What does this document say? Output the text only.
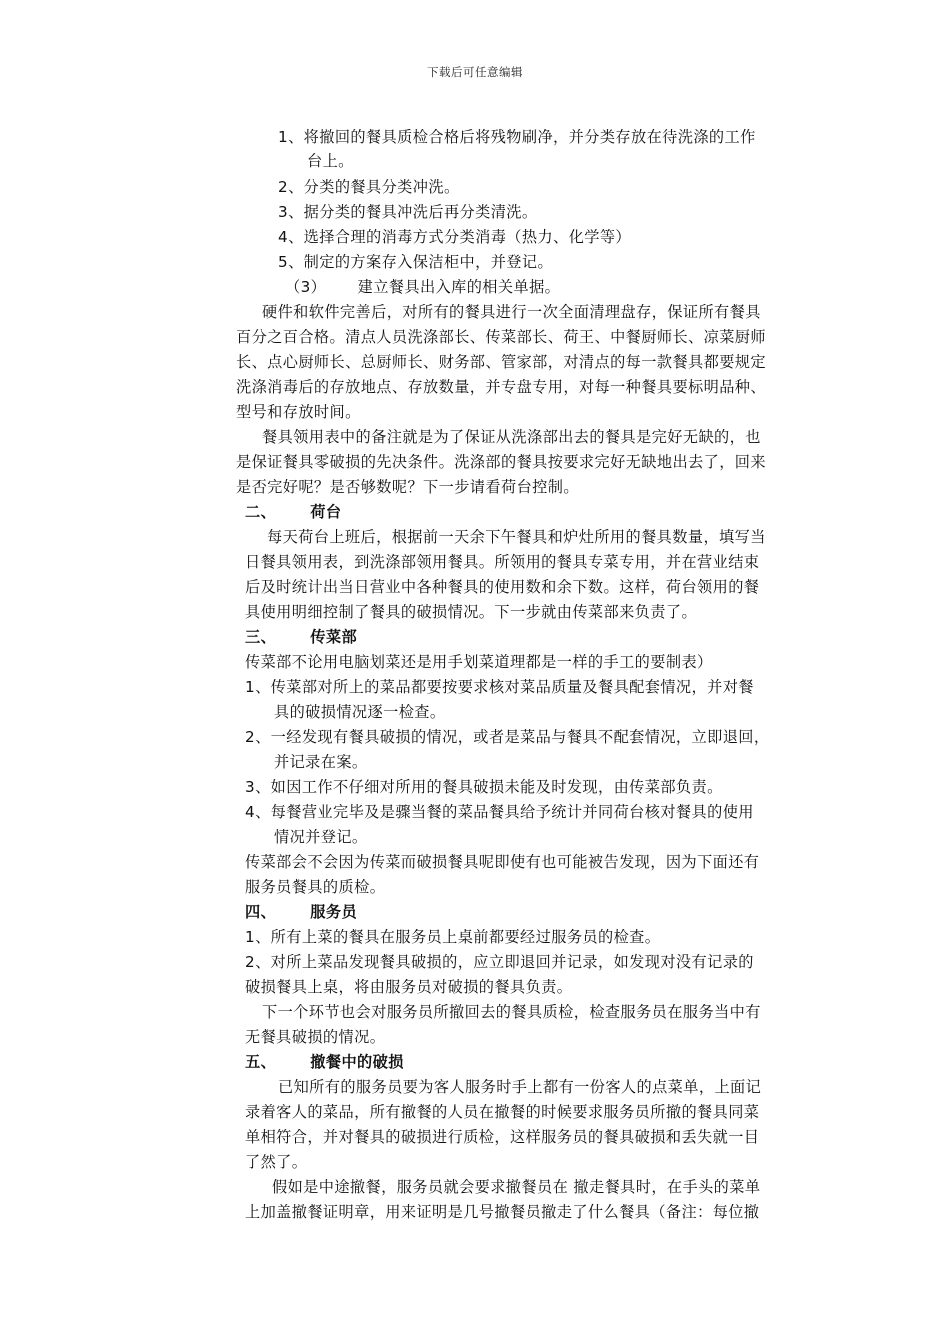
下载后可任意编辑
1、将撤回的餐具质检合格后将残物刷净，并分类存放在待洗涤的工作
台上。
2、分类的餐具分类冲洗。
3、据分类的餐具冲洗后再分类清洗。
4、选择合理的消毒方式分类消毒（热力、化学等）
5、制定的方案存入保洁柜中，并登记。
（3）      建立餐具出入库的相关单据。
硬件和软件完善后，对所有的餐具进行一次全面清理盘存，保证所有餐具
百分之百合格。清点人员洗涤部长、传菜部长、荷王、中餐厨师长、凉菜厨师
长、点心厨师长、总厨师长、财务部、管家部，对清点的每一款餐具都要规定
洗涤消毒后的存放地点、存放数量，并专盘专用，对每一种餐具要标明品种、
型号和存放时间。
餐具领用表中的备注就是为了保证从洗涤部出去的餐具是完好无缺的，也
是保证餐具零破损的先决条件。洗涤部的餐具按要求完好无缺地出去了，回来
是否完好呢？是否够数呢？下一步请看荷台控制。
二、      荷台
每天荷台上班后，根据前一天余下午餐具和炉灶所用的餐具数量，填写当
日餐具领用表，到洗涤部领用餐具。所领用的餐具专菜专用，并在营业结束
后及时统计出当日营业中各种餐具的使用数和余下数。这样，荷台领用的餐
具使用明细控制了餐具的破损情况。下一步就由传菜部来负责了。
三、      传菜部
传菜部不论用电脑划菜还是用手划菜道理都是一样的手工的要制表）
1、传菜部对所上的菜品都要按要求核对菜品质量及餐具配套情况，并对餐
具的破损情况逐一检查。
2、一经发现有餐具破损的情况，或者是菜品与餐具不配套情况，立即退回，
并记录在案。
3、如因工作不仔细对所用的餐具破损未能及时发现，由传菜部负责。
4、每餐营业完毕及是骤当餐的菜品餐具给予统计并同荷台核对餐具的使用
情况并登记。
传菜部会不会因为传菜而破损餐具呢即使有也可能被告发现，因为下面还有
服务员餐具的质检。
四、      服务员
1、所有上菜的餐具在服务员上桌前都要经过服务员的检查。
2、对所上菜品发现餐具破损的，应立即退回并记录，如发现对没有记录的
破损餐具上桌，将由服务员对破损的餐具负责。
下一个环节也会对服务员所撤回去的餐具质检，检查服务员在服务当中有
无餐具破损的情况。
五、      撤餐中的破损
已知所有的服务员要为客人服务时手上都有一份客人的点菜单，上面记
录着客人的菜品，所有撤餐的人员在撤餐的时候要求服务员所撤的餐具同菜
单相符合，并对餐具的破损进行质检，这样服务员的餐具破损和丢失就一目
了然了。
假如是中途撤餐，服务员就会要求撤餐员在 撤走餐具时，在手头的菜单
上加盖撤餐证明章，用来证明是几号撤餐员撤走了什么餐具（备注：每位撤
